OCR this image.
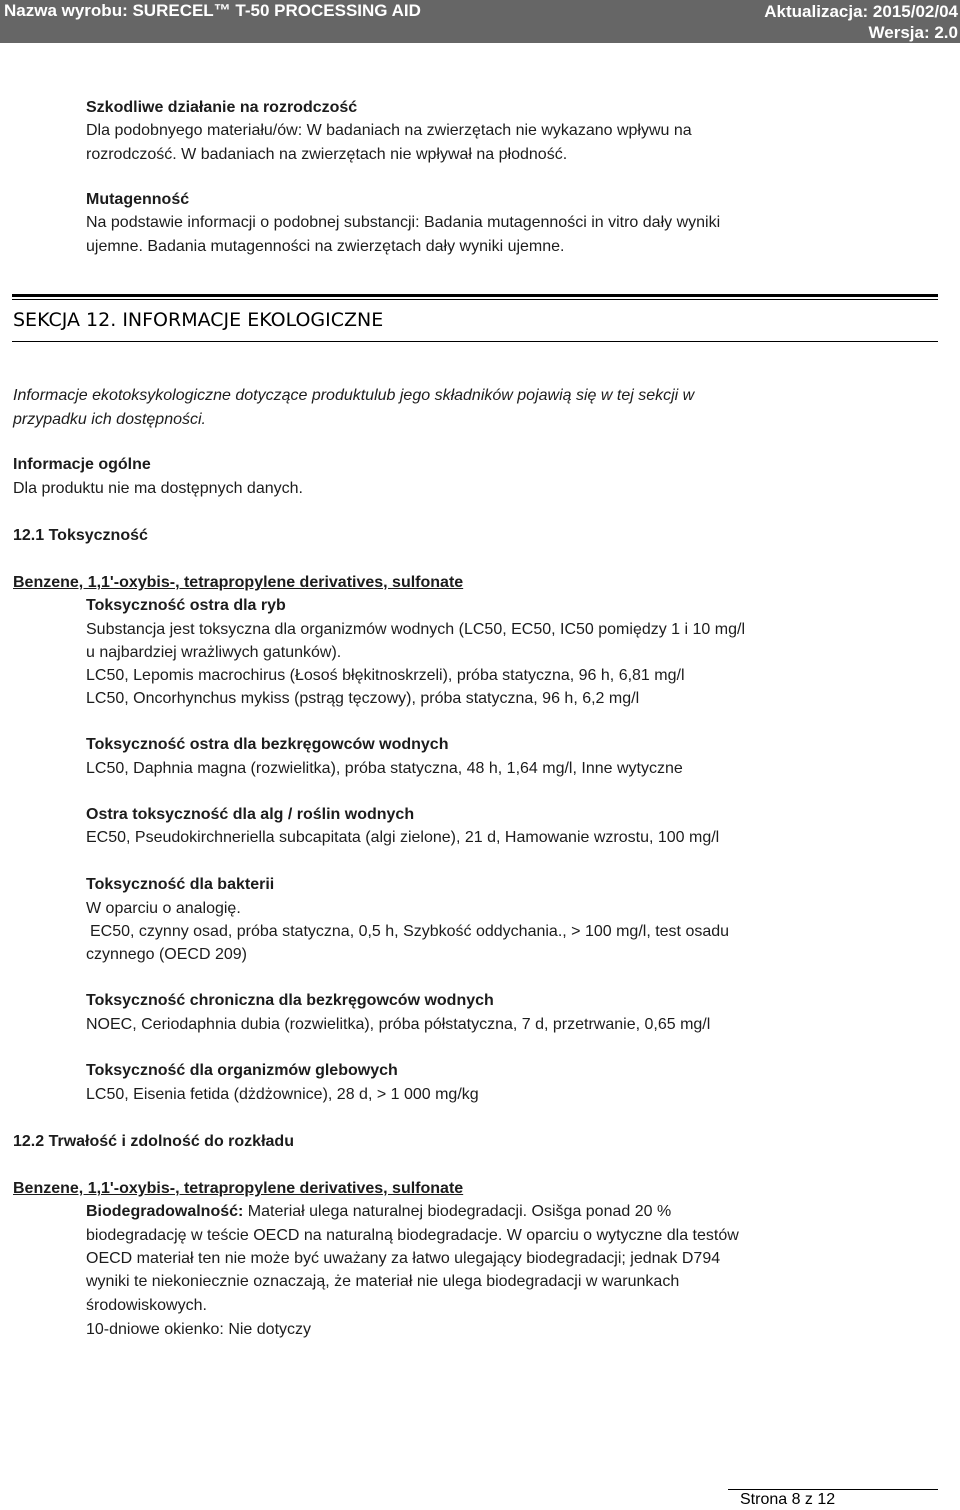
Nazwa wyrobu: SURECEL™ T-50 PROCESSING AID	Aktualizacja: 2015/02/04
Wersja: 2.0
Szkodliwe działanie na rozrodczość
Dla podobnyego materiału/ów: W badaniach na zwierzętach nie wykazano wpływu na
rozrodczość. W badaniach na zwierzętach nie wpływał na płodność.
Mutagenność
Na podstawie informacji o podobnej substancji: Badania mutagenności in vitro dały wyniki
ujemne. Badania mutagenności na zwierzętach dały wyniki ujemne.
SEKCJA 12. INFORMACJE EKOLOGICZNE
Informacje ekotoksykologiczne dotyczące produktulub jego składników pojawią się w tej sekcji w
przypadku ich dostępności.
Informacje ogólne
Dla produktu nie ma dostępnych danych.
12.1 Toksyczność
Benzene, 1,1'-oxybis-, tetrapropylene derivatives, sulfonate
Toksyczność ostra dla ryb
Substancja jest toksyczna dla organizmów wodnych (LC50, EC50, IC50 pomiędzy 1 i 10 mg/l
u najbardziej wrażliwych gatunków).
LC50, Lepomis macrochirus (Łosoś błękitnoskrzeli), próba statyczna, 96 h, 6,81 mg/l
LC50, Oncorhynchus mykiss (pstrąg tęczowy), próba statyczna, 96 h, 6,2 mg/l
Toksyczność ostra dla bezkręgowców wodnych
LC50, Daphnia magna (rozwielitka), próba statyczna, 48 h, 1,64 mg/l, Inne wytyczne
Ostra toksyczność dla alg / roślin wodnych
EC50, Pseudokirchneriella subcapitata (algi zielone), 21 d, Hamowanie wzrostu, 100 mg/l
Toksyczność dla bakterii
W oparciu o analogię.
EC50, czynny osad, próba statyczna, 0,5 h, Szybkość oddychania., > 100 mg/l, test osadu
czynnego (OECD 209)
Toksyczność chroniczna dla bezkręgowców wodnych
NOEC, Ceriodaphnia dubia (rozwielitka), próba półstatyczna, 7 d, przetrwanie, 0,65 mg/l
Toksyczność dla organizmów glebowych
LC50, Eisenia fetida (dżdżownice), 28 d, > 1 000 mg/kg
12.2 Trwałość i zdolność do rozkładu
Benzene, 1,1'-oxybis-, tetrapropylene derivatives, sulfonate
Biodegradowalność: Materiał ulega naturalnej biodegradacji. Osišga ponad 20 %
biodegradację w teście OECD na naturalną biodegradacje. W oparciu o wytyczne dla testów
OECD materiał ten nie może być uważany za łatwo ulegający biodegradacji; jednak D794
wyniki te niekoniecznie oznaczają, że materiał nie ulega biodegradacji w warunkach
środowiskowych.
10-dniowe okienko: Nie dotyczy
Strona 8 z 12
